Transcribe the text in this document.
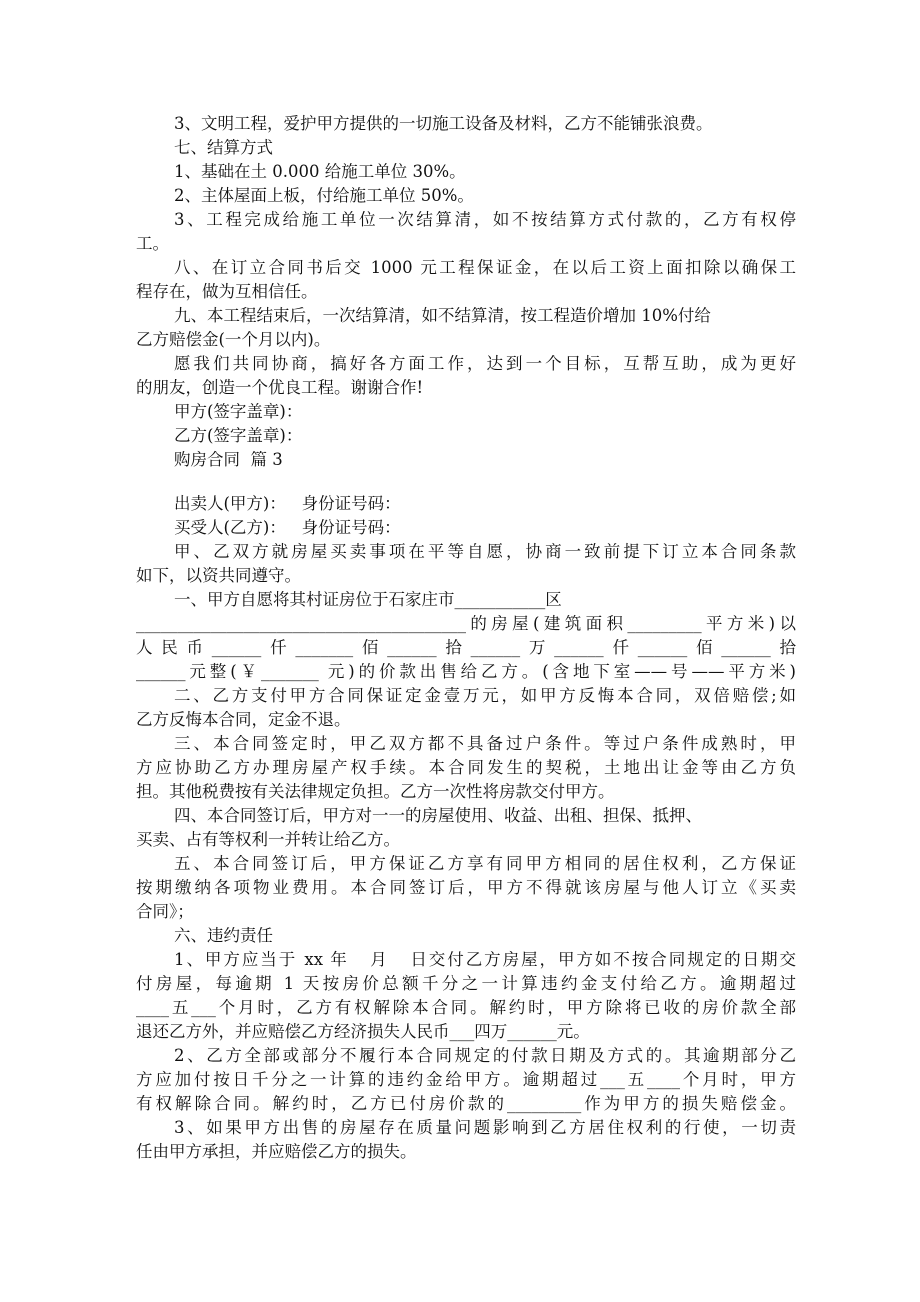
3、文明工程，爱护甲方提供的一切施工设备及材料，乙方不能铺张浪费。
七、结算方式
1、基础在土 0.000 给施工单位 30%。
2、主体屋面上板，付给施工单位 50%。
3、工程完成给施工单位一次结算清，如不按结算方式付款的，乙方有权停
工。
八、在订立合同书后交 1000 元工程保证金，在以后工资上面扣除以确保工
程存在，做为互相信任。
九、本工程结束后，一次结算清，如不结算清，按工程造价增加 10%付给
乙方赔偿金(一个月以内)。
愿我们共同协商，搞好各方面工作，达到一个目标，互帮互助，成为更好
的朋友，创造一个优良工程。谢谢合作!
甲方(签字盖章)：
乙方(签字盖章)：
购房合同  篇 3
出卖人(甲方)：   身份证号码：
买受人(乙方)：   身份证号码：
甲、乙双方就房屋买卖事项在平等自愿，协商一致前提下订立本合同条款
如下，以资共同遵守。
一、甲方自愿将其村证房位于石家庄市___________区
________________________________________的房屋(建筑面积_________平方米)以
人民币______仟_______佰______拾______万______仟______佰______拾
______元整(￥_______ 元)的价款出售给乙方。(含地下室——号——平方米)
二、乙方支付甲方合同保证定金壹万元，如甲方反悔本合同，双倍赔偿;如
乙方反悔本合同，定金不退。
三、本合同签定时，甲乙双方都不具备过户条件。等过户条件成熟时，甲
方应协助乙方办理房屋产权手续。本合同发生的契税，土地出让金等由乙方负
担。其他税费按有关法律规定负担。乙方一次性将房款交付甲方。
四、本合同签订后，甲方对一一的房屋使用、收益、出租、担保、抵押、
买卖、占有等权利一并转让给乙方。
五、本合同签订后，甲方保证乙方享有同甲方相同的居住权利，乙方保证
按期缴纳各项物业费用。本合同签订后，甲方不得就该房屋与他人订立《买卖
合同》；
六、违约责任
1、甲方应当于 xx 年   月   日交付乙方房屋，甲方如不按合同规定的日期交
付房屋，每逾期 1 天按房价总额千分之一计算违约金支付给乙方。逾期超过
____五___个月时，乙方有权解除本合同。解约时，甲方除将已收的房价款全部
退还乙方外，并应赔偿乙方经济损失人民币___四万______元。
2、乙方全部或部分不履行本合同规定的付款日期及方式的。其逾期部分乙
方应加付按日千分之一计算的违约金给甲方。逾期超过___五____个月时，甲方
有权解除合同。解约时，乙方已付房价款的_________作为甲方的损失赔偿金。
3、如果甲方出售的房屋存在质量问题影响到乙方居住权利的行使，一切责
任由甲方承担，并应赔偿乙方的损失。
